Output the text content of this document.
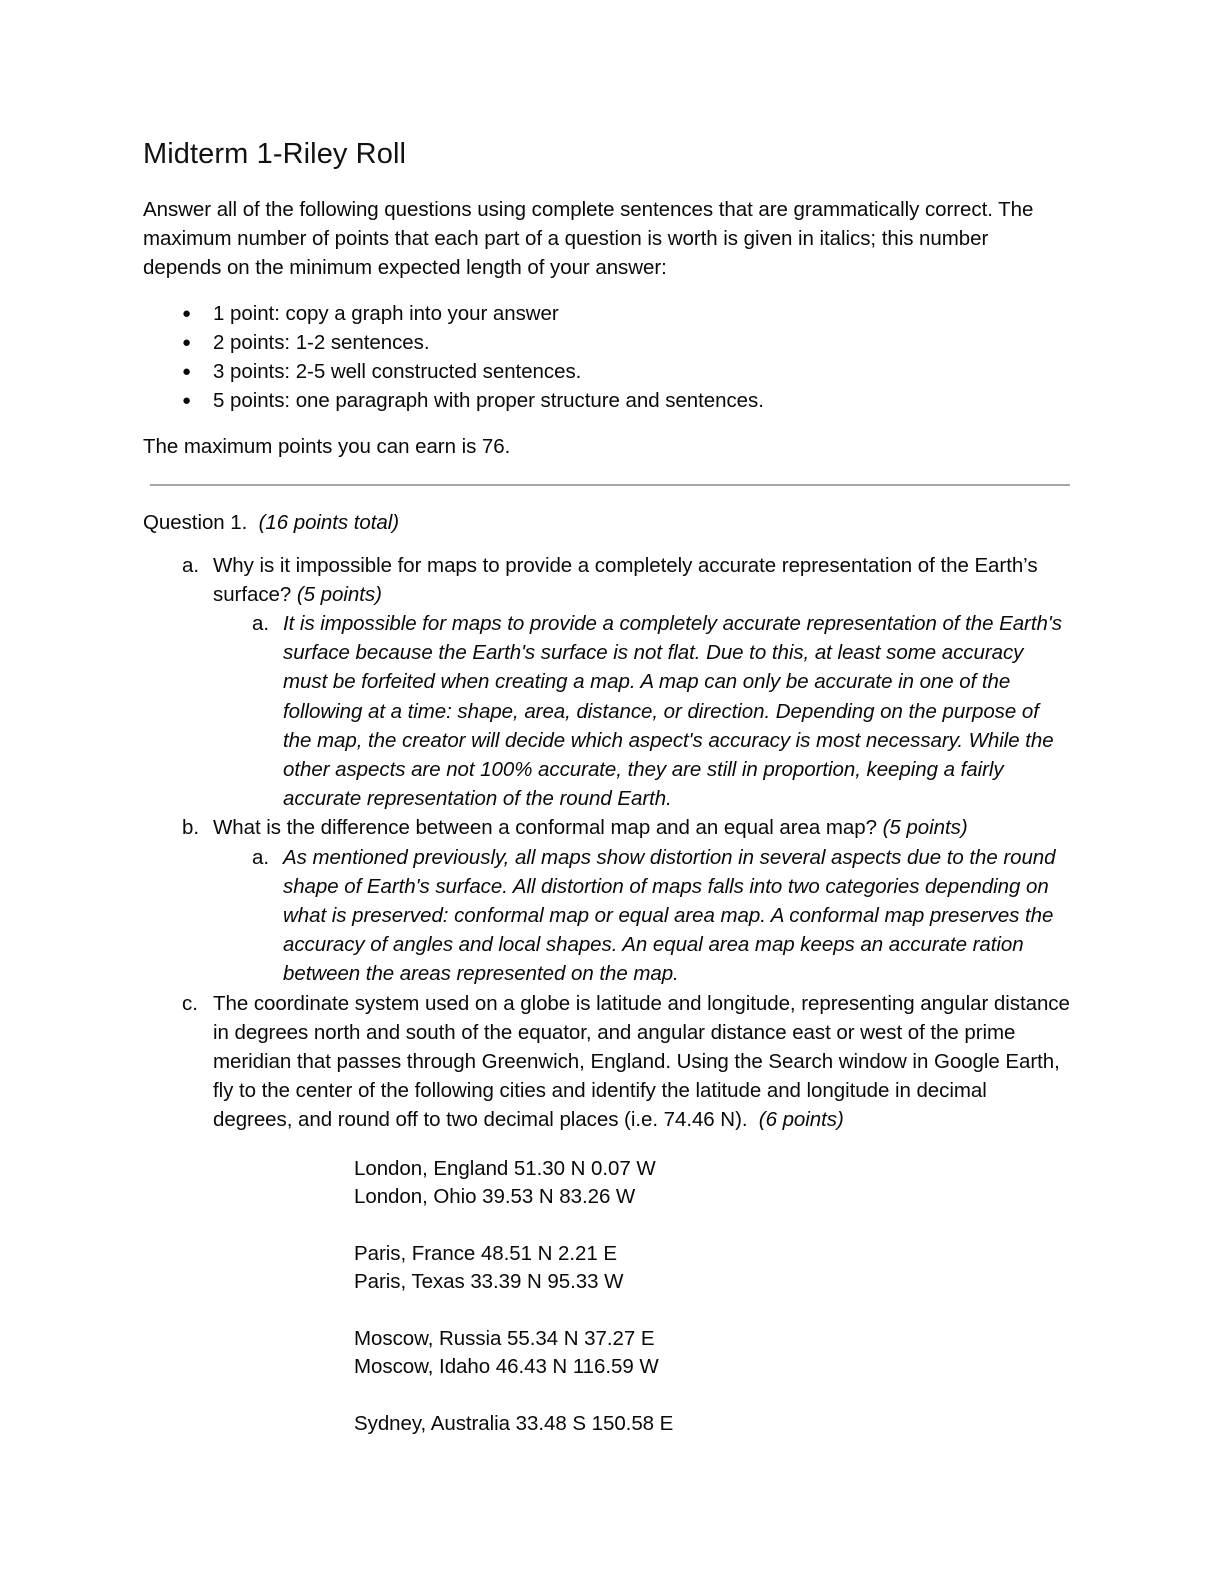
Midterm 1-Riley Roll

Answer all of the following questions using complete sentences that are grammatically correct. The maximum number of points that each part of a question is worth is given in italics; this number depends on the minimum expected length of your answer:

● 1 point: copy a graph into your answer
● 2 points: 1-2 sentences.
● 3 points: 2-5 well constructed sentences.
● 5 points: one paragraph with proper structure and sentences.

The maximum points you can earn is 76.

Question 1. (16 points total)

a. Why is it impossible for maps to provide a completely accurate representation of the Earth’s surface? (5 points)
a. It is impossible for maps to provide a completely accurate representation of the Earth's surface because the Earth's surface is not flat. Due to this, at least some accuracy must be forfeited when creating a map. A map can only be accurate in one of the following at a time: shape, area, distance, or direction. Depending on the purpose of the map, the creator will decide which aspect's accuracy is most necessary. While the other aspects are not 100% accurate, they are still in proportion, keeping a fairly accurate representation of the round Earth.
b. What is the difference between a conformal map and an equal area map? (5 points)
a. As mentioned previously, all maps show distortion in several aspects due to the round shape of Earth's surface. All distortion of maps falls into two categories depending on what is preserved: conformal map or equal area map. A conformal map preserves the accuracy of angles and local shapes. An equal area map keeps an accurate ration between the areas represented on the map.
c. The coordinate system used on a globe is latitude and longitude, representing angular distance in degrees north and south of the equator, and angular distance east or west of the prime meridian that passes through Greenwich, England. Using the Search window in Google Earth, fly to the center of the following cities and identify the latitude and longitude in decimal degrees, and round off to two decimal places (i.e. 74.46 N). (6 points)
London, England 51.30 N 0.07 W
London, Ohio 39.53 N 83.26 W
Paris, France 48.51 N 2.21 E
Paris, Texas 33.39 N 95.33 W
Moscow, Russia 55.34 N 37.27 E
Moscow, Idaho 46.43 N 116.59 W
Sydney, Australia 33.48 S 150.58 E
